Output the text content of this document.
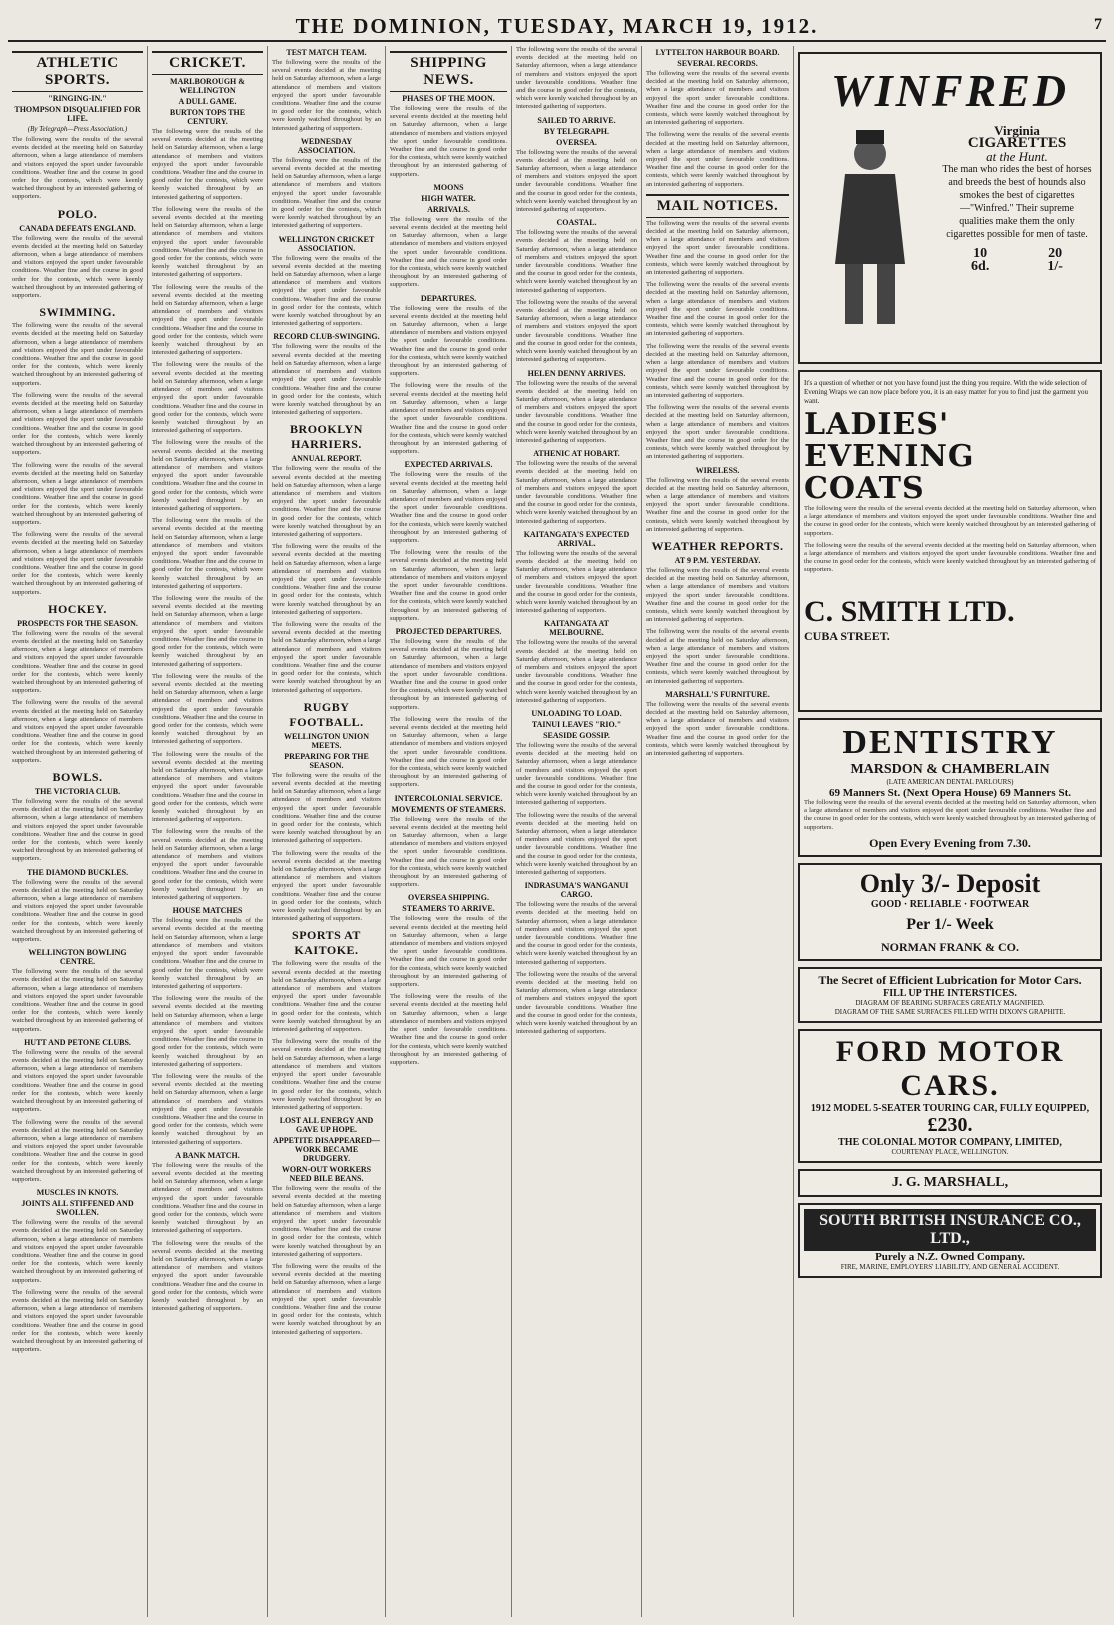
THE DOMINION, TUESDAY, MARCH 19, 1912.	7
ATHLETIC SPORTS.
"RINGING-IN."
THOMPSON DISQUALIFIED FOR LIFE.
(By Telegraph—Press Association.)

The following were the results of the several events decided at the meeting held on Saturday afternoon, when a large attendance of members and visitors enjoyed the sport under favourable conditions. Weather fine and the course in good order for the contests, which were keenly watched throughout by an interested gathering of supporters.

POLO.
CANADA DEFEATS ENGLAND.

The following were the results of the several events decided at the meeting held on Saturday afternoon, when a large attendance of members and visitors enjoyed the sport under favourable conditions. Weather fine and the course in good order for the contests, which were keenly watched throughout by an interested gathering of supporters.

SWIMMING.

The following were the results of the several events decided at the meeting held on Saturday afternoon, when a large attendance of members and visitors enjoyed the sport under favourable conditions. Weather fine and the course in good order for the contests, which were keenly watched throughout by an interested gathering of supporters.

The following were the results of the several events decided at the meeting held on Saturday afternoon, when a large attendance of members and visitors enjoyed the sport under favourable conditions. Weather fine and the course in good order for the contests, which were keenly watched throughout by an interested gathering of supporters.

The following were the results of the several events decided at the meeting held on Saturday afternoon, when a large attendance of members and visitors enjoyed the sport under favourable conditions. Weather fine and the course in good order for the contests, which were keenly watched throughout by an interested gathering of supporters.

The following were the results of the several events decided at the meeting held on Saturday afternoon, when a large attendance of members and visitors enjoyed the sport under favourable conditions. Weather fine and the course in good order for the contests, which were keenly watched throughout by an interested gathering of supporters.

HOCKEY.
PROSPECTS FOR THE SEASON.

The following were the results of the several events decided at the meeting held on Saturday afternoon, when a large attendance of members and visitors enjoyed the sport under favourable conditions. Weather fine and the course in good order for the contests, which were keenly watched throughout by an interested gathering of supporters.

The following were the results of the several events decided at the meeting held on Saturday afternoon, when a large attendance of members and visitors enjoyed the sport under favourable conditions. Weather fine and the course in good order for the contests, which were keenly watched throughout by an interested gathering of supporters.

BOWLS.
THE VICTORIA CLUB.

The following were the results of the several events decided at the meeting held on Saturday afternoon, when a large attendance of members and visitors enjoyed the sport under favourable conditions. Weather fine and the course in good order for the contests, which were keenly watched throughout by an interested gathering of supporters.

THE DIAMOND BUCKLES.

The following were the results of the several events decided at the meeting held on Saturday afternoon, when a large attendance of members and visitors enjoyed the sport under favourable conditions. Weather fine and the course in good order for the contests, which were keenly watched throughout by an interested gathering of supporters.

WELLINGTON BOWLING CENTRE.

The following were the results of the several events decided at the meeting held on Saturday afternoon, when a large attendance of members and visitors enjoyed the sport under favourable conditions. Weather fine and the course in good order for the contests, which were keenly watched throughout by an interested gathering of supporters.

HUTT AND PETONE CLUBS.

The following were the results of the several events decided at the meeting held on Saturday afternoon, when a large attendance of members and visitors enjoyed the sport under favourable conditions. Weather fine and the course in good order for the contests, which were keenly watched throughout by an interested gathering of supporters.

The following were the results of the several events decided at the meeting held on Saturday afternoon, when a large attendance of members and visitors enjoyed the sport under favourable conditions. Weather fine and the course in good order for the contests, which were keenly watched throughout by an interested gathering of supporters.

MUSCLES IN KNOTS.
JOINTS ALL STIFFENED AND SWOLLEN.

The following were the results of the several events decided at the meeting held on Saturday afternoon, when a large attendance of members and visitors enjoyed the sport under favourable conditions. Weather fine and the course in good order for the contests, which were keenly watched throughout by an interested gathering of supporters.

The following were the results of the several events decided at the meeting held on Saturday afternoon, when a large attendance of members and visitors enjoyed the sport under favourable conditions. Weather fine and the course in good order for the contests, which were keenly watched throughout by an interested gathering of supporters.

CRICKET.
MARLBOROUGH & WELLINGTON
A DULL GAME.
BURTON TOPS THE CENTURY.

The following were the results of the several events decided at the meeting held on Saturday afternoon, when a large attendance of members and visitors enjoyed the sport under favourable conditions. Weather fine and the course in good order for the contests, which were keenly watched throughout by an interested gathering of supporters.

The following were the results of the several events decided at the meeting held on Saturday afternoon, when a large attendance of members and visitors enjoyed the sport under favourable conditions. Weather fine and the course in good order for the contests, which were keenly watched throughout by an interested gathering of supporters.

The following were the results of the several events decided at the meeting held on Saturday afternoon, when a large attendance of members and visitors enjoyed the sport under favourable conditions. Weather fine and the course in good order for the contests, which were keenly watched throughout by an interested gathering of supporters.

The following were the results of the several events decided at the meeting held on Saturday afternoon, when a large attendance of members and visitors enjoyed the sport under favourable conditions. Weather fine and the course in good order for the contests, which were keenly watched throughout by an interested gathering of supporters.

The following were the results of the several events decided at the meeting held on Saturday afternoon, when a large attendance of members and visitors enjoyed the sport under favourable conditions. Weather fine and the course in good order for the contests, which were keenly watched throughout by an interested gathering of supporters.

The following were the results of the several events decided at the meeting held on Saturday afternoon, when a large attendance of members and visitors enjoyed the sport under favourable conditions. Weather fine and the course in good order for the contests, which were keenly watched throughout by an interested gathering of supporters.

The following were the results of the several events decided at the meeting held on Saturday afternoon, when a large attendance of members and visitors enjoyed the sport under favourable conditions. Weather fine and the course in good order for the contests, which were keenly watched throughout by an interested gathering of supporters.

The following were the results of the several events decided at the meeting held on Saturday afternoon, when a large attendance of members and visitors enjoyed the sport under favourable conditions. Weather fine and the course in good order for the contests, which were keenly watched throughout by an interested gathering of supporters.

The following were the results of the several events decided at the meeting held on Saturday afternoon, when a large attendance of members and visitors enjoyed the sport under favourable conditions. Weather fine and the course in good order for the contests, which were keenly watched throughout by an interested gathering of supporters.

The following were the results of the several events decided at the meeting held on Saturday afternoon, when a large attendance of members and visitors enjoyed the sport under favourable conditions. Weather fine and the course in good order for the contests, which were keenly watched throughout by an interested gathering of supporters.

HOUSE MATCHES

The following were the results of the several events decided at the meeting held on Saturday afternoon, when a large attendance of members and visitors enjoyed the sport under favourable conditions. Weather fine and the course in good order for the contests, which were keenly watched throughout by an interested gathering of supporters.

The following were the results of the several events decided at the meeting held on Saturday afternoon, when a large attendance of members and visitors enjoyed the sport under favourable conditions. Weather fine and the course in good order for the contests, which were keenly watched throughout by an interested gathering of supporters.

The following were the results of the several events decided at the meeting held on Saturday afternoon, when a large attendance of members and visitors enjoyed the sport under favourable conditions. Weather fine and the course in good order for the contests, which were keenly watched throughout by an interested gathering of supporters.

A BANK MATCH.

The following were the results of the several events decided at the meeting held on Saturday afternoon, when a large attendance of members and visitors enjoyed the sport under favourable conditions. Weather fine and the course in good order for the contests, which were keenly watched throughout by an interested gathering of supporters.

The following were the results of the several events decided at the meeting held on Saturday afternoon, when a large attendance of members and visitors enjoyed the sport under favourable conditions. Weather fine and the course in good order for the contests, which were keenly watched throughout by an interested gathering of supporters.

TEST MATCH TEAM.

The following were the results of the several events decided at the meeting held on Saturday afternoon, when a large attendance of members and visitors enjoyed the sport under favourable conditions. Weather fine and the course in good order for the contests, which were keenly watched throughout by an interested gathering of supporters.

WEDNESDAY ASSOCIATION.

The following were the results of the several events decided at the meeting held on Saturday afternoon, when a large attendance of members and visitors enjoyed the sport under favourable conditions. Weather fine and the course in good order for the contests, which were keenly watched throughout by an interested gathering of supporters.

WELLINGTON CRICKET ASSOCIATION.

The following were the results of the several events decided at the meeting held on Saturday afternoon, when a large attendance of members and visitors enjoyed the sport under favourable conditions. Weather fine and the course in good order for the contests, which were keenly watched throughout by an interested gathering of supporters.

RECORD CLUB-SWINGING.

The following were the results of the several events decided at the meeting held on Saturday afternoon, when a large attendance of members and visitors enjoyed the sport under favourable conditions. Weather fine and the course in good order for the contests, which were keenly watched throughout by an interested gathering of supporters.

BROOKLYN HARRIERS.
ANNUAL REPORT.

The following were the results of the several events decided at the meeting held on Saturday afternoon, when a large attendance of members and visitors enjoyed the sport under favourable conditions. Weather fine and the course in good order for the contests, which were keenly watched throughout by an interested gathering of supporters.

The following were the results of the several events decided at the meeting held on Saturday afternoon, when a large attendance of members and visitors enjoyed the sport under favourable conditions. Weather fine and the course in good order for the contests, which were keenly watched throughout by an interested gathering of supporters.

The following were the results of the several events decided at the meeting held on Saturday afternoon, when a large attendance of members and visitors enjoyed the sport under favourable conditions. Weather fine and the course in good order for the contests, which were keenly watched throughout by an interested gathering of supporters.

RUGBY FOOTBALL.
WELLINGTON UNION MEETS.
PREPARING FOR THE SEASON.

The following were the results of the several events decided at the meeting held on Saturday afternoon, when a large attendance of members and visitors enjoyed the sport under favourable conditions. Weather fine and the course in good order for the contests, which were keenly watched throughout by an interested gathering of supporters.

The following were the results of the several events decided at the meeting held on Saturday afternoon, when a large attendance of members and visitors enjoyed the sport under favourable conditions. Weather fine and the course in good order for the contests, which were keenly watched throughout by an interested gathering of supporters.

SPORTS AT KAITOKE.

The following were the results of the several events decided at the meeting held on Saturday afternoon, when a large attendance of members and visitors enjoyed the sport under favourable conditions. Weather fine and the course in good order for the contests, which were keenly watched throughout by an interested gathering of supporters.

The following were the results of the several events decided at the meeting held on Saturday afternoon, when a large attendance of members and visitors enjoyed the sport under favourable conditions. Weather fine and the course in good order for the contests, which were keenly watched throughout by an interested gathering of supporters.

LOST ALL ENERGY AND GAVE UP HOPE.
APPETITE DISAPPEARED—WORK BECAME DRUDGERY.
WORN-OUT WORKERS NEED BILE BEANS.

The following were the results of the several events decided at the meeting held on Saturday afternoon, when a large attendance of members and visitors enjoyed the sport under favourable conditions. Weather fine and the course in good order for the contests, which were keenly watched throughout by an interested gathering of supporters.

The following were the results of the several events decided at the meeting held on Saturday afternoon, when a large attendance of members and visitors enjoyed the sport under favourable conditions. Weather fine and the course in good order for the contests, which were keenly watched throughout by an interested gathering of supporters.

SHIPPING NEWS.
PHASES OF THE MOON.

The following were the results of the several events decided at the meeting held on Saturday afternoon, when a large attendance of members and visitors enjoyed the sport under favourable conditions. Weather fine and the course in good order for the contests, which were keenly watched throughout by an interested gathering of supporters.

MOONS
HIGH WATER.
ARRIVALS.

The following were the results of the several events decided at the meeting held on Saturday afternoon, when a large attendance of members and visitors enjoyed the sport under favourable conditions. Weather fine and the course in good order for the contests, which were keenly watched throughout by an interested gathering of supporters.

DEPARTURES.

The following were the results of the several events decided at the meeting held on Saturday afternoon, when a large attendance of members and visitors enjoyed the sport under favourable conditions. Weather fine and the course in good order for the contests, which were keenly watched throughout by an interested gathering of supporters.

The following were the results of the several events decided at the meeting held on Saturday afternoon, when a large attendance of members and visitors enjoyed the sport under favourable conditions. Weather fine and the course in good order for the contests, which were keenly watched throughout by an interested gathering of supporters.

EXPECTED ARRIVALS.

The following were the results of the several events decided at the meeting held on Saturday afternoon, when a large attendance of members and visitors enjoyed the sport under favourable conditions. Weather fine and the course in good order for the contests, which were keenly watched throughout by an interested gathering of supporters.

The following were the results of the several events decided at the meeting held on Saturday afternoon, when a large attendance of members and visitors enjoyed the sport under favourable conditions. Weather fine and the course in good order for the contests, which were keenly watched throughout by an interested gathering of supporters.

PROJECTED DEPARTURES.

The following were the results of the several events decided at the meeting held on Saturday afternoon, when a large attendance of members and visitors enjoyed the sport under favourable conditions. Weather fine and the course in good order for the contests, which were keenly watched throughout by an interested gathering of supporters.

The following were the results of the several events decided at the meeting held on Saturday afternoon, when a large attendance of members and visitors enjoyed the sport under favourable conditions. Weather fine and the course in good order for the contests, which were keenly watched throughout by an interested gathering of supporters.

INTERCOLONIAL SERVICE.
MOVEMENTS OF STEAMERS.

The following were the results of the several events decided at the meeting held on Saturday afternoon, when a large attendance of members and visitors enjoyed the sport under favourable conditions. Weather fine and the course in good order for the contests, which were keenly watched throughout by an interested gathering of supporters.

OVERSEA SHIPPING.
STEAMERS TO ARRIVE.

The following were the results of the several events decided at the meeting held on Saturday afternoon, when a large attendance of members and visitors enjoyed the sport under favourable conditions. Weather fine and the course in good order for the contests, which were keenly watched throughout by an interested gathering of supporters.

The following were the results of the several events decided at the meeting held on Saturday afternoon, when a large attendance of members and visitors enjoyed the sport under favourable conditions. Weather fine and the course in good order for the contests, which were keenly watched throughout by an interested gathering of supporters.

The following were the results of the several events decided at the meeting held on Saturday afternoon, when a large attendance of members and visitors enjoyed the sport under favourable conditions. Weather fine and the course in good order for the contests, which were keenly watched throughout by an interested gathering of supporters.

SAILED TO ARRIVE.
BY TELEGRAPH.
OVERSEA.

The following were the results of the several events decided at the meeting held on Saturday afternoon, when a large attendance of members and visitors enjoyed the sport under favourable conditions. Weather fine and the course in good order for the contests, which were keenly watched throughout by an interested gathering of supporters.

COASTAL.

The following were the results of the several events decided at the meeting held on Saturday afternoon, when a large attendance of members and visitors enjoyed the sport under favourable conditions. Weather fine and the course in good order for the contests, which were keenly watched throughout by an interested gathering of supporters.

The following were the results of the several events decided at the meeting held on Saturday afternoon, when a large attendance of members and visitors enjoyed the sport under favourable conditions. Weather fine and the course in good order for the contests, which were keenly watched throughout by an interested gathering of supporters.

HELEN DENNY ARRIVES.

The following were the results of the several events decided at the meeting held on Saturday afternoon, when a large attendance of members and visitors enjoyed the sport under favourable conditions. Weather fine and the course in good order for the contests, which were keenly watched throughout by an interested gathering of supporters.

ATHENIC AT HOBART.

The following were the results of the several events decided at the meeting held on Saturday afternoon, when a large attendance of members and visitors enjoyed the sport under favourable conditions. Weather fine and the course in good order for the contests, which were keenly watched throughout by an interested gathering of supporters.

KAITANGATA'S EXPECTED ARRIVAL.

The following were the results of the several events decided at the meeting held on Saturday afternoon, when a large attendance of members and visitors enjoyed the sport under favourable conditions. Weather fine and the course in good order for the contests, which were keenly watched throughout by an interested gathering of supporters.

KAITANGATA AT MELBOURNE.

The following were the results of the several events decided at the meeting held on Saturday afternoon, when a large attendance of members and visitors enjoyed the sport under favourable conditions. Weather fine and the course in good order for the contests, which were keenly watched throughout by an interested gathering of supporters.

UNLOADING TO LOAD.
TAINUI LEAVES "RIO."
SEASIDE GOSSIP.

The following were the results of the several events decided at the meeting held on Saturday afternoon, when a large attendance of members and visitors enjoyed the sport under favourable conditions. Weather fine and the course in good order for the contests, which were keenly watched throughout by an interested gathering of supporters.

The following were the results of the several events decided at the meeting held on Saturday afternoon, when a large attendance of members and visitors enjoyed the sport under favourable conditions. Weather fine and the course in good order for the contests, which were keenly watched throughout by an interested gathering of supporters.

INDRASUMA'S WANGANUI CARGO.

The following were the results of the several events decided at the meeting held on Saturday afternoon, when a large attendance of members and visitors enjoyed the sport under favourable conditions. Weather fine and the course in good order for the contests, which were keenly watched throughout by an interested gathering of supporters.

The following were the results of the several events decided at the meeting held on Saturday afternoon, when a large attendance of members and visitors enjoyed the sport under favourable conditions. Weather fine and the course in good order for the contests, which were keenly watched throughout by an interested gathering of supporters.

LYTTELTON HARBOUR BOARD.
SEVERAL RECORDS.

The following were the results of the several events decided at the meeting held on Saturday afternoon, when a large attendance of members and visitors enjoyed the sport under favourable conditions. Weather fine and the course in good order for the contests, which were keenly watched throughout by an interested gathering of supporters.

The following were the results of the several events decided at the meeting held on Saturday afternoon, when a large attendance of members and visitors enjoyed the sport under favourable conditions. Weather fine and the course in good order for the contests, which were keenly watched throughout by an interested gathering of supporters.

MAIL NOTICES.

The following were the results of the several events decided at the meeting held on Saturday afternoon, when a large attendance of members and visitors enjoyed the sport under favourable conditions. Weather fine and the course in good order for the contests, which were keenly watched throughout by an interested gathering of supporters.

The following were the results of the several events decided at the meeting held on Saturday afternoon, when a large attendance of members and visitors enjoyed the sport under favourable conditions. Weather fine and the course in good order for the contests, which were keenly watched throughout by an interested gathering of supporters.

The following were the results of the several events decided at the meeting held on Saturday afternoon, when a large attendance of members and visitors enjoyed the sport under favourable conditions. Weather fine and the course in good order for the contests, which were keenly watched throughout by an interested gathering of supporters.

The following were the results of the several events decided at the meeting held on Saturday afternoon, when a large attendance of members and visitors enjoyed the sport under favourable conditions. Weather fine and the course in good order for the contests, which were keenly watched throughout by an interested gathering of supporters.

WIRELESS.

The following were the results of the several events decided at the meeting held on Saturday afternoon, when a large attendance of members and visitors enjoyed the sport under favourable conditions. Weather fine and the course in good order for the contests, which were keenly watched throughout by an interested gathering of supporters.

WEATHER REPORTS.
AT 9 P.M. YESTERDAY.

The following were the results of the several events decided at the meeting held on Saturday afternoon, when a large attendance of members and visitors enjoyed the sport under favourable conditions. Weather fine and the course in good order for the contests, which were keenly watched throughout by an interested gathering of supporters.

The following were the results of the several events decided at the meeting held on Saturday afternoon, when a large attendance of members and visitors enjoyed the sport under favourable conditions. Weather fine and the course in good order for the contests, which were keenly watched throughout by an interested gathering of supporters.

MARSHALL'S FURNITURE.

The following were the results of the several events decided at the meeting held on Saturday afternoon, when a large attendance of members and visitors enjoyed the sport under favourable conditions. Weather fine and the course in good order for the contests, which were keenly watched throughout by an interested gathering of supporters.

WINFRED
Virginia
CIGARETTES
at the Hunt.
The man who rides the best of horses and breeds the best of hounds also smokes the best of cigarettes—"Winfred." Their supreme qualities make them the only cigarettes possible for men of taste.
10
6d.
20
1/-
It's a question of whether or not you have found just the thing you require. With the wide selection of Evening Wraps we can now place before you, it is an easy matter for you to find just the garment you want.
LADIES' EVENING COATS

The following were the results of the several events decided at the meeting held on Saturday afternoon, when a large attendance of members and visitors enjoyed the sport under favourable conditions. Weather fine and the course in good order for the contests, which were keenly watched throughout by an interested gathering of supporters.

The following were the results of the several events decided at the meeting held on Saturday afternoon, when a large attendance of members and visitors enjoyed the sport under favourable conditions. Weather fine and the course in good order for the contests, which were keenly watched throughout by an interested gathering of supporters.

C. SMITH LTD.
CUBA STREET.
DENTISTRY
MARSDON & CHAMBERLAIN
(LATE AMERICAN DENTAL PARLOURS)
69 Manners St. (Next Opera House) 69 Manners St.

The following were the results of the several events decided at the meeting held on Saturday afternoon, when a large attendance of members and visitors enjoyed the sport under favourable conditions. Weather fine and the course in good order for the contests, which were keenly watched throughout by an interested gathering of supporters.

Open Every Evening from 7.30.
Only 3/- Deposit
GOOD · RELIABLE · FOOTWEAR
Per 1/- Week
NORMAN FRANK & CO.
The Secret of Efficient Lubrication for Motor Cars.
FILL UP THE INTERSTICES.
DIAGRAM OF BEARING SURFACES GREATLY MAGNIFIED.
DIAGRAM OF THE SAME SURFACES FILLED WITH DIXON'S GRAPHITE.
FORD MOTOR CARS.
1912 MODEL 5-SEATER TOURING CAR, FULLY EQUIPPED,
£230.
THE COLONIAL MOTOR COMPANY, LIMITED,
COURTENAY PLACE, WELLINGTON.
J. G. MARSHALL,
SOUTH BRITISH INSURANCE CO., LTD.,
Purely a N.Z. Owned Company.
FIRE, MARINE, EMPLOYERS' LIABILITY, AND GENERAL ACCIDENT.
